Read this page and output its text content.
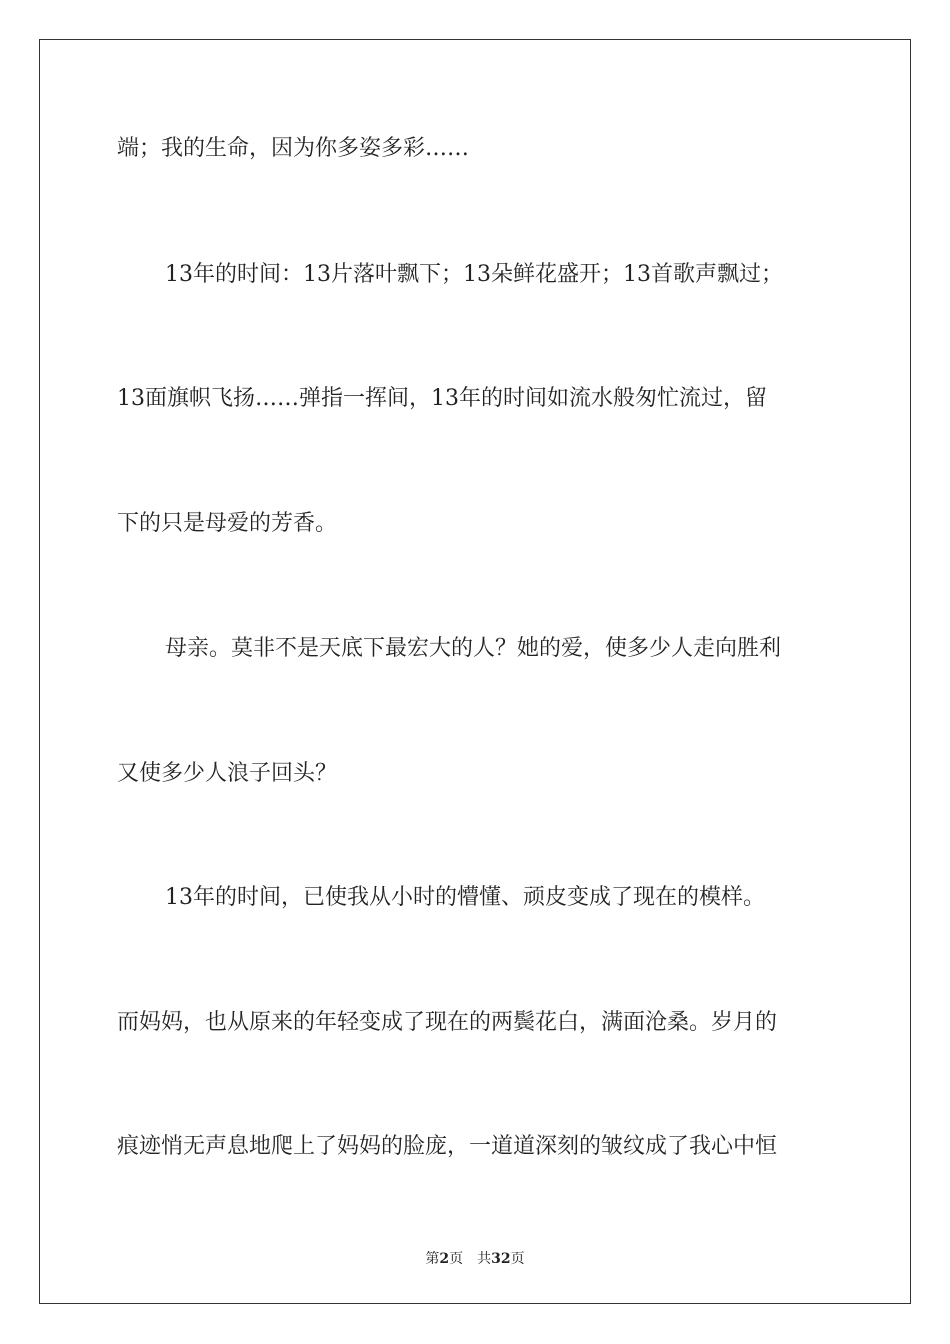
端；我的生命，因为你多姿多彩……
13年的时间：13片落叶飘下；13朵鲜花盛开；13首歌声飘过；
13面旗帜飞扬……弹指一挥间，13年的时间如流水般匆忙流过，留
下的只是母爱的芳香。
母亲。莫非不是天底下最宏大的人？她的爱，使多少人走向胜利
又使多少人浪子回头？
13年的时间，已使我从小时的懵懂、顽皮变成了现在的模样。
而妈妈，也从原来的年轻变成了现在的两鬓花白，满面沧桑。岁月的
痕迹悄无声息地爬上了妈妈的脸庞，一道道深刻的皱纹成了我心中恒
第2页 共32页
